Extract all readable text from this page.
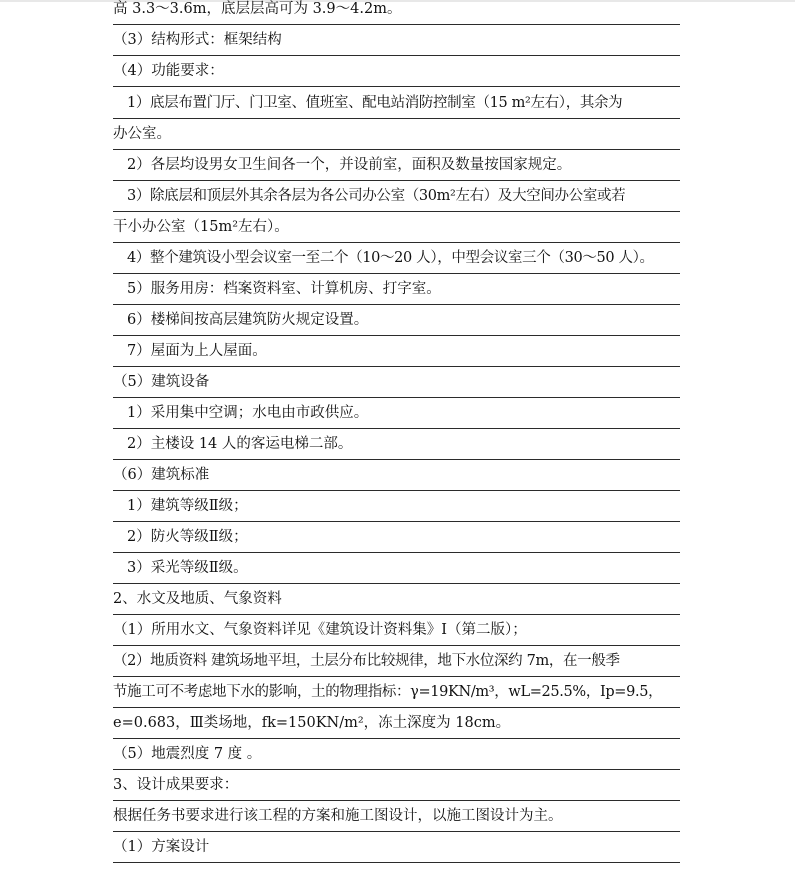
高 3.3～3.6m，底层层高可为 3.9～4.2m。
（3）结构形式：框架结构
（4）功能要求：
1）底层布置门厅、门卫室、值班室、配电站消防控制室（15 m²左右），其余为
办公室。
2）各层均设男女卫生间各一个，并设前室，面积及数量按国家规定。
3）除底层和顶层外其余各层为各公司办公室（30m²左右）及大空间办公室或若
干小办公室（15m²左右）。
4）整个建筑设小型会议室一至二个（10～20 人），中型会议室三个（30～50 人）。
5）服务用房：档案资料室、计算机房、打字室。
6）楼梯间按高层建筑防火规定设置。
7）屋面为上人屋面。
（5）建筑设备
1）采用集中空调；水电由市政供应。
2）主楼设 14 人的客运电梯二部。
（6）建筑标准
1）建筑等级Ⅱ级；
2）防火等级Ⅱ级；
3）采光等级Ⅱ级。
2、水文及地质、气象资料
（1）所用水文、气象资料详见《建筑设计资料集》Ⅰ（第二版）；
（2）地质资料 建筑场地平坦，土层分布比较规律，地下水位深约 7m，在一般季
节施工可不考虑地下水的影响，土的物理指标：γ=19KN/m³，wL=25.5%，Ip=9.5，
e=0.683，Ⅲ类场地，fk=150KN/m²，冻土深度为 18cm。
（5）地震烈度 7 度 。
3、设计成果要求：
根据任务书要求进行该工程的方案和施工图设计，以施工图设计为主。
（1）方案设计
